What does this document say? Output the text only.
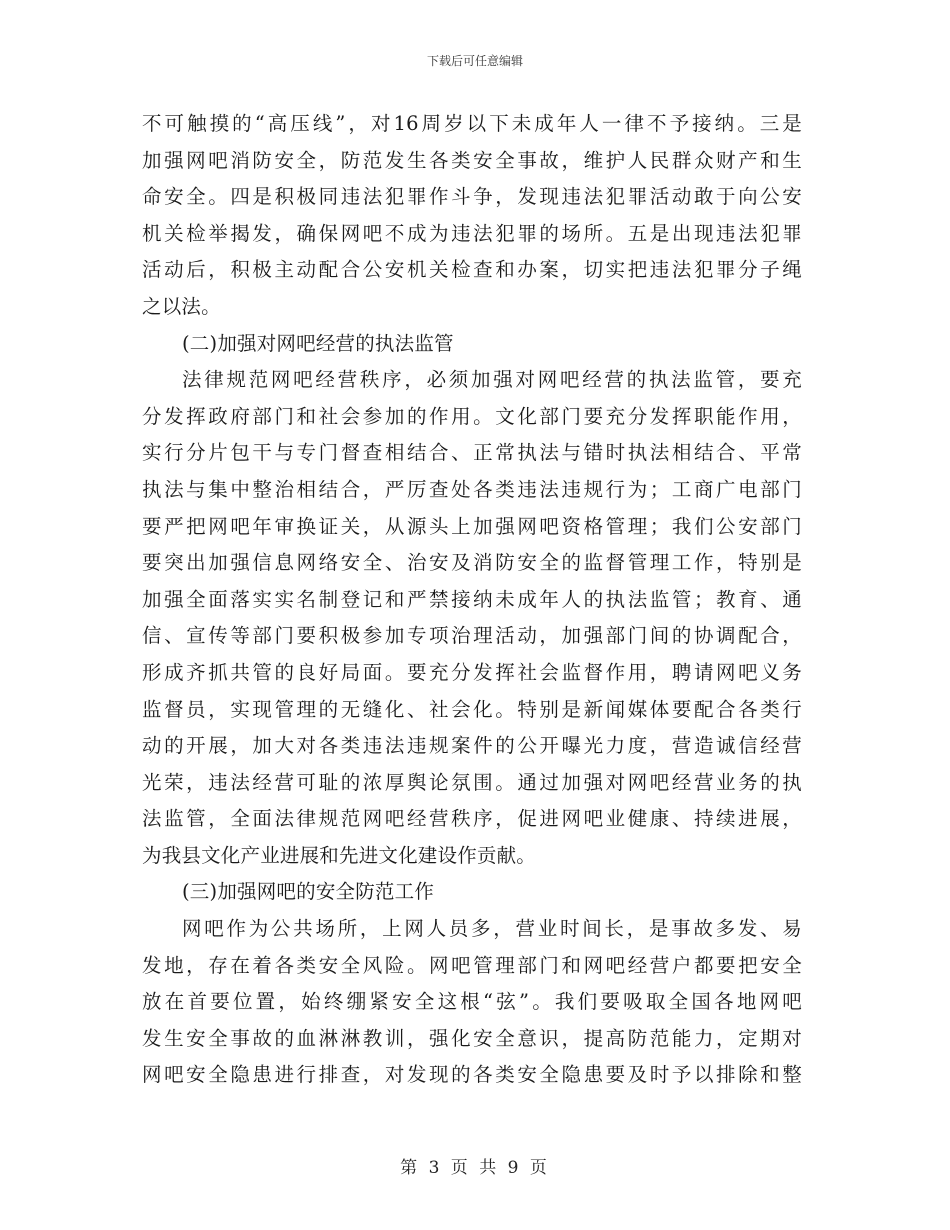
下载后可任意编辑
不可触摸的“高压线”，对16周岁以下未成年人一律不予接纳。三是
加强网吧消防安全，防范发生各类安全事故，维护人民群众财产和生
命安全。四是积极同违法犯罪作斗争，发现违法犯罪活动敢于向公安
机关检举揭发，确保网吧不成为违法犯罪的场所。五是出现违法犯罪
活动后，积极主动配合公安机关检查和办案，切实把违法犯罪分子绳
之以法。
(二)加强对网吧经营的执法监管
法律规范网吧经营秩序，必须加强对网吧经营的执法监管，要充
分发挥政府部门和社会参加的作用。文化部门要充分发挥职能作用，
实行分片包干与专门督查相结合、正常执法与错时执法相结合、平常
执法与集中整治相结合，严厉查处各类违法违规行为；工商广电部门
要严把网吧年审换证关，从源头上加强网吧资格管理；我们公安部门
要突出加强信息网络安全、治安及消防安全的监督管理工作，特别是
加强全面落实实名制登记和严禁接纳未成年人的执法监管；教育、通
信、宣传等部门要积极参加专项治理活动，加强部门间的协调配合，
形成齐抓共管的良好局面。要充分发挥社会监督作用，聘请网吧义务
监督员，实现管理的无缝化、社会化。特别是新闻媒体要配合各类行
动的开展，加大对各类违法违规案件的公开曝光力度，营造诚信经营
光荣，违法经营可耻的浓厚舆论氛围。通过加强对网吧经营业务的执
法监管，全面法律规范网吧经营秩序，促进网吧业健康、持续进展，
为我县文化产业进展和先进文化建设作贡献。
(三)加强网吧的安全防范工作
网吧作为公共场所，上网人员多，营业时间长，是事故多发、易
发地，存在着各类安全风险。网吧管理部门和网吧经营户都要把安全
放在首要位置，始终绷紧安全这根“弦”。我们要吸取全国各地网吧
发生安全事故的血淋淋教训，强化安全意识，提高防范能力，定期对
网吧安全隐患进行排查，对发现的各类安全隐患要及时予以排除和整
第 3 页 共 9 页
